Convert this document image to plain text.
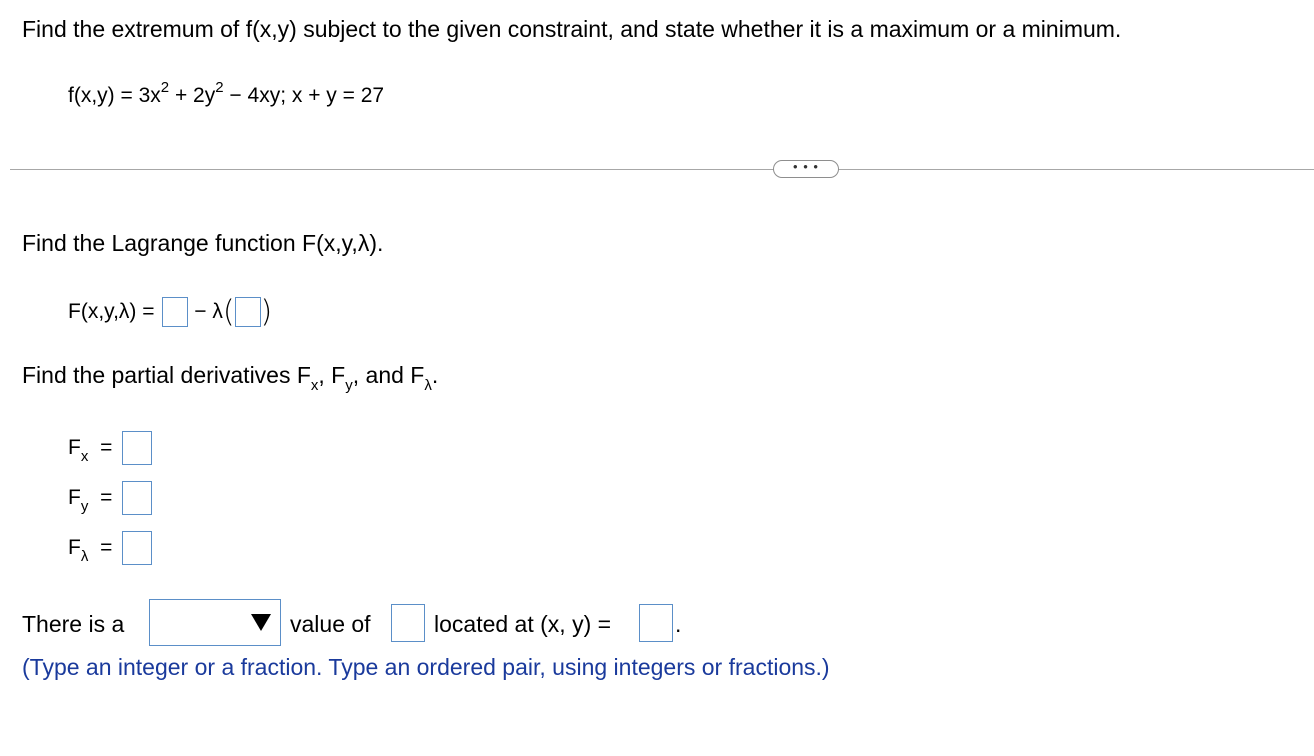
Find the extremum of f(x,y) subject to the given constraint, and state whether it is a maximum or a minimum.
$f(x,y) = 3x^2 + 2y^2 - 4xy$; x + y = 27
• • •
Find the Lagrange function F(x,y,λ).
F(x,y,λ) = − λ( )
Find the partial derivatives $F_x$, $F_y$, and $F_\lambda$.
$F_x$ =
$F_y$ =
$F_\lambda$ =
There is a	value of	located at (x, y) =	.
(Type an integer or a fraction. Type an ordered pair, using integers or fractions.)
